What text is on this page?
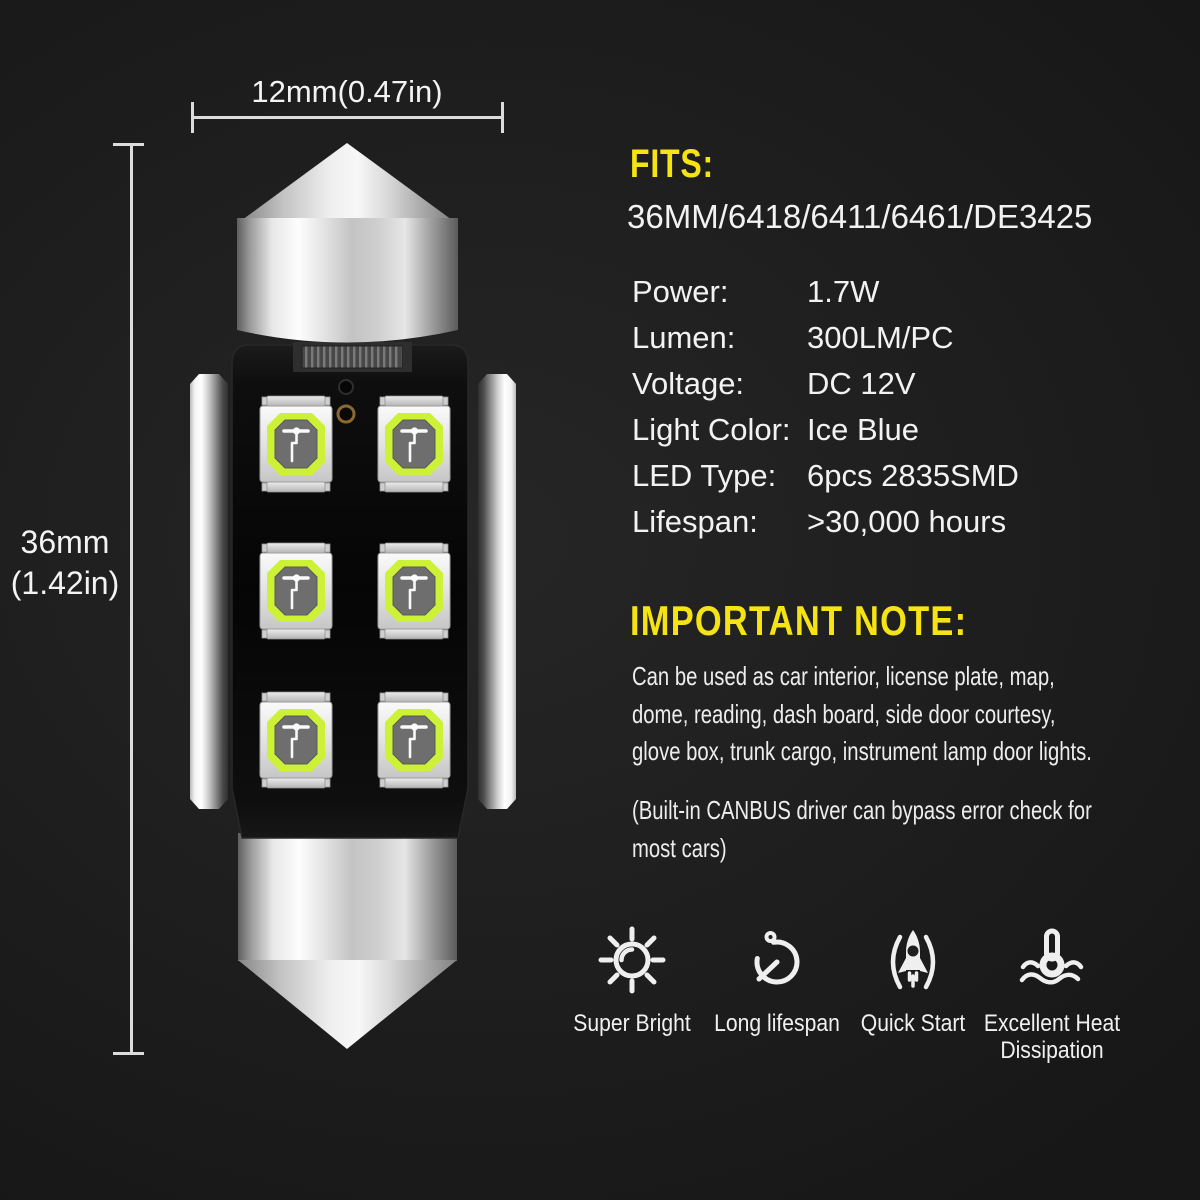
12mm(0.47in)
36mm
(1.42in)
FITS:
36MM/6418/6411/6461/DE3425
Power:	1.7W
Lumen:	300LM/PC
Voltage:	DC 12V
Light Color: Ice Blue
LED Type: 6pcs 2835SMD
Lifespan:	>30,000 hours
IMPORTANT NOTE:
Can be used as car interior, license plate, map,
dome, reading, dash board, side door courtesy,
glove box, trunk cargo, instrument lamp door lights.
(Built-in CANBUS driver can bypass error check for
most cars)
Super Bright Long lifespan Quick Start Excellent Heat Dissipation
